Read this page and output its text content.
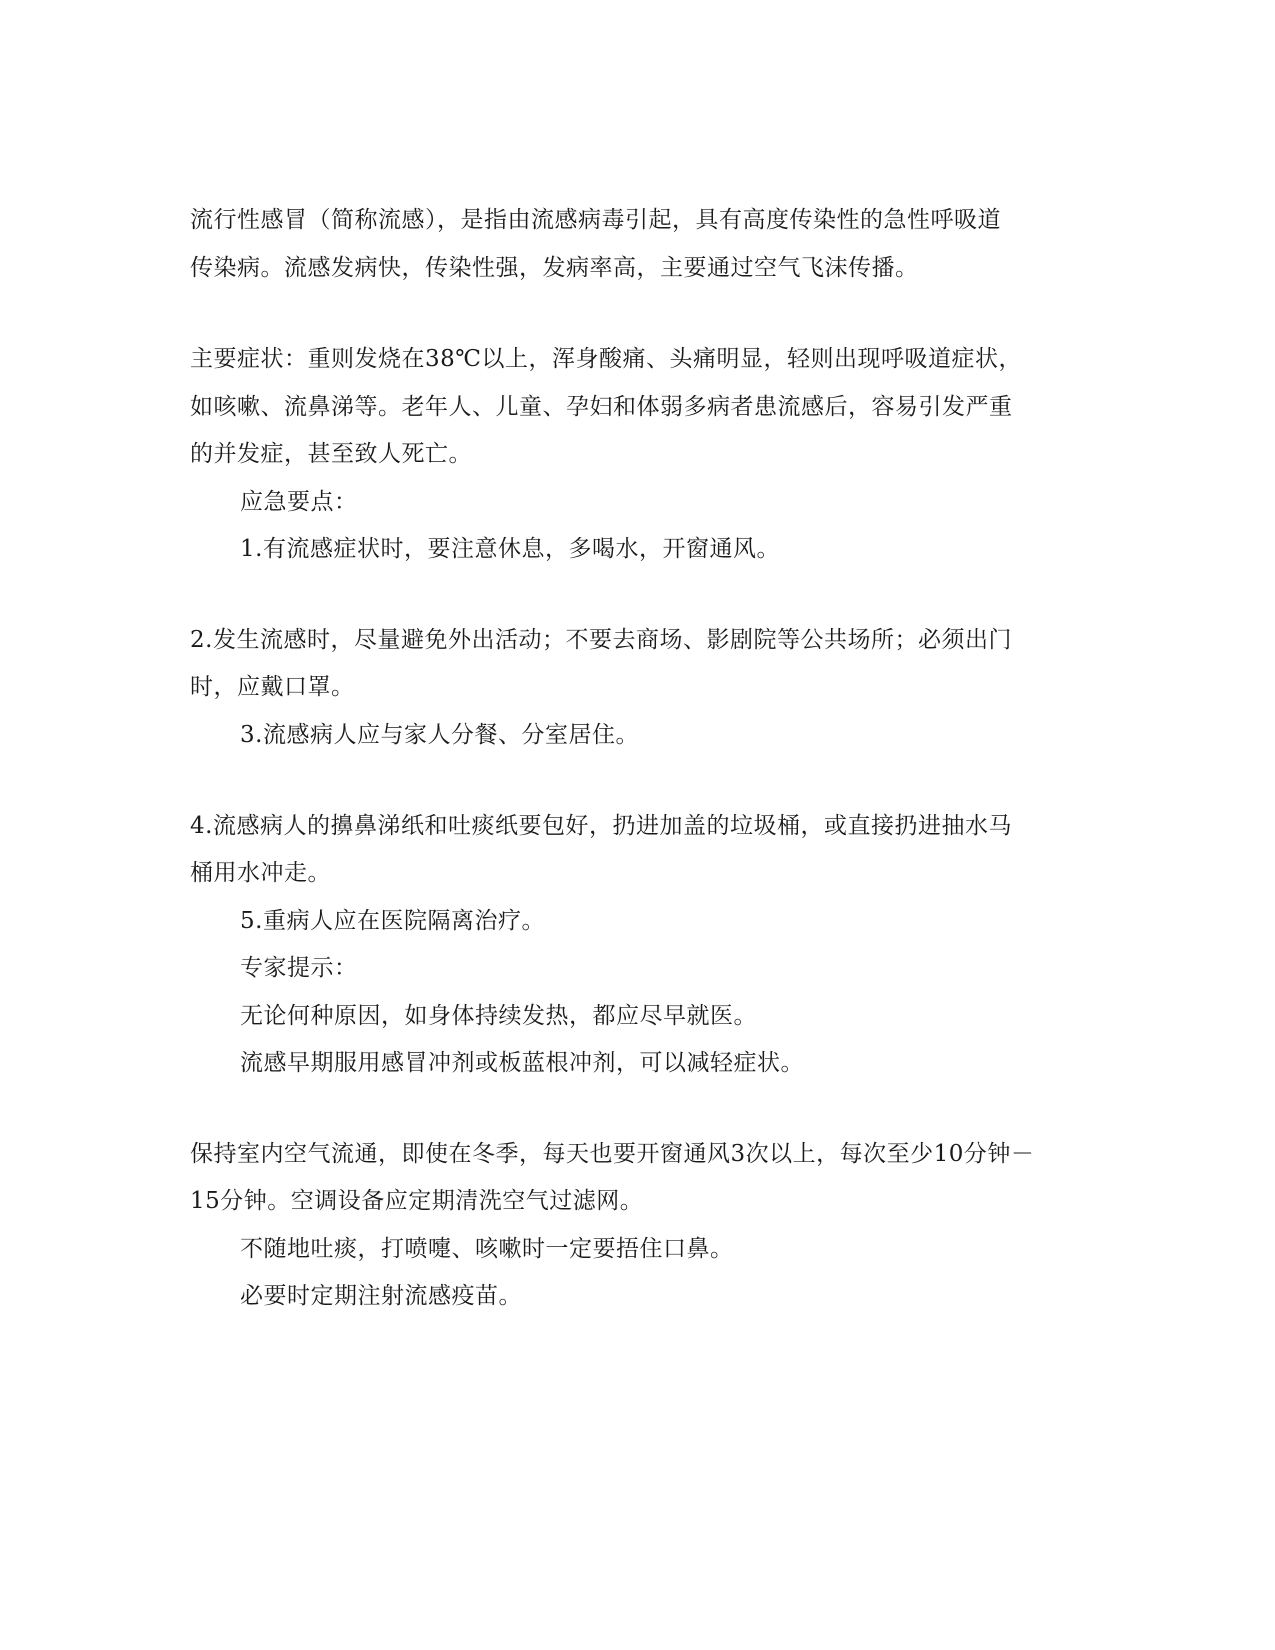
流行性感冒（简称流感），是指由流感病毒引起，具有高度传染性的急性呼吸道
传染病。流感发病快，传染性强，发病率高，主要通过空气飞沫传播。
主要症状：重则发烧在38℃以上，浑身酸痛、头痛明显，轻则出现呼吸道症状，
如咳嗽、流鼻涕等。老年人、儿童、孕妇和体弱多病者患流感后，容易引发严重
的并发症，甚至致人死亡。
应急要点：
1.有流感症状时，要注意休息，多喝水，开窗通风。
2.发生流感时，尽量避免外出活动；不要去商场、影剧院等公共场所；必须出门
时，应戴口罩。
3.流感病人应与家人分餐、分室居住。
4.流感病人的擤鼻涕纸和吐痰纸要包好，扔进加盖的垃圾桶，或直接扔进抽水马
桶用水冲走。
5.重病人应在医院隔离治疗。
专家提示：
无论何种原因，如身体持续发热，都应尽早就医。
流感早期服用感冒冲剂或板蓝根冲剂，可以减轻症状。
保持室内空气流通，即使在冬季，每天也要开窗通风3次以上，每次至少10分钟－
15分钟。空调设备应定期清洗空气过滤网。
不随地吐痰，打喷嚏、咳嗽时一定要捂住口鼻。
必要时定期注射流感疫苗。
